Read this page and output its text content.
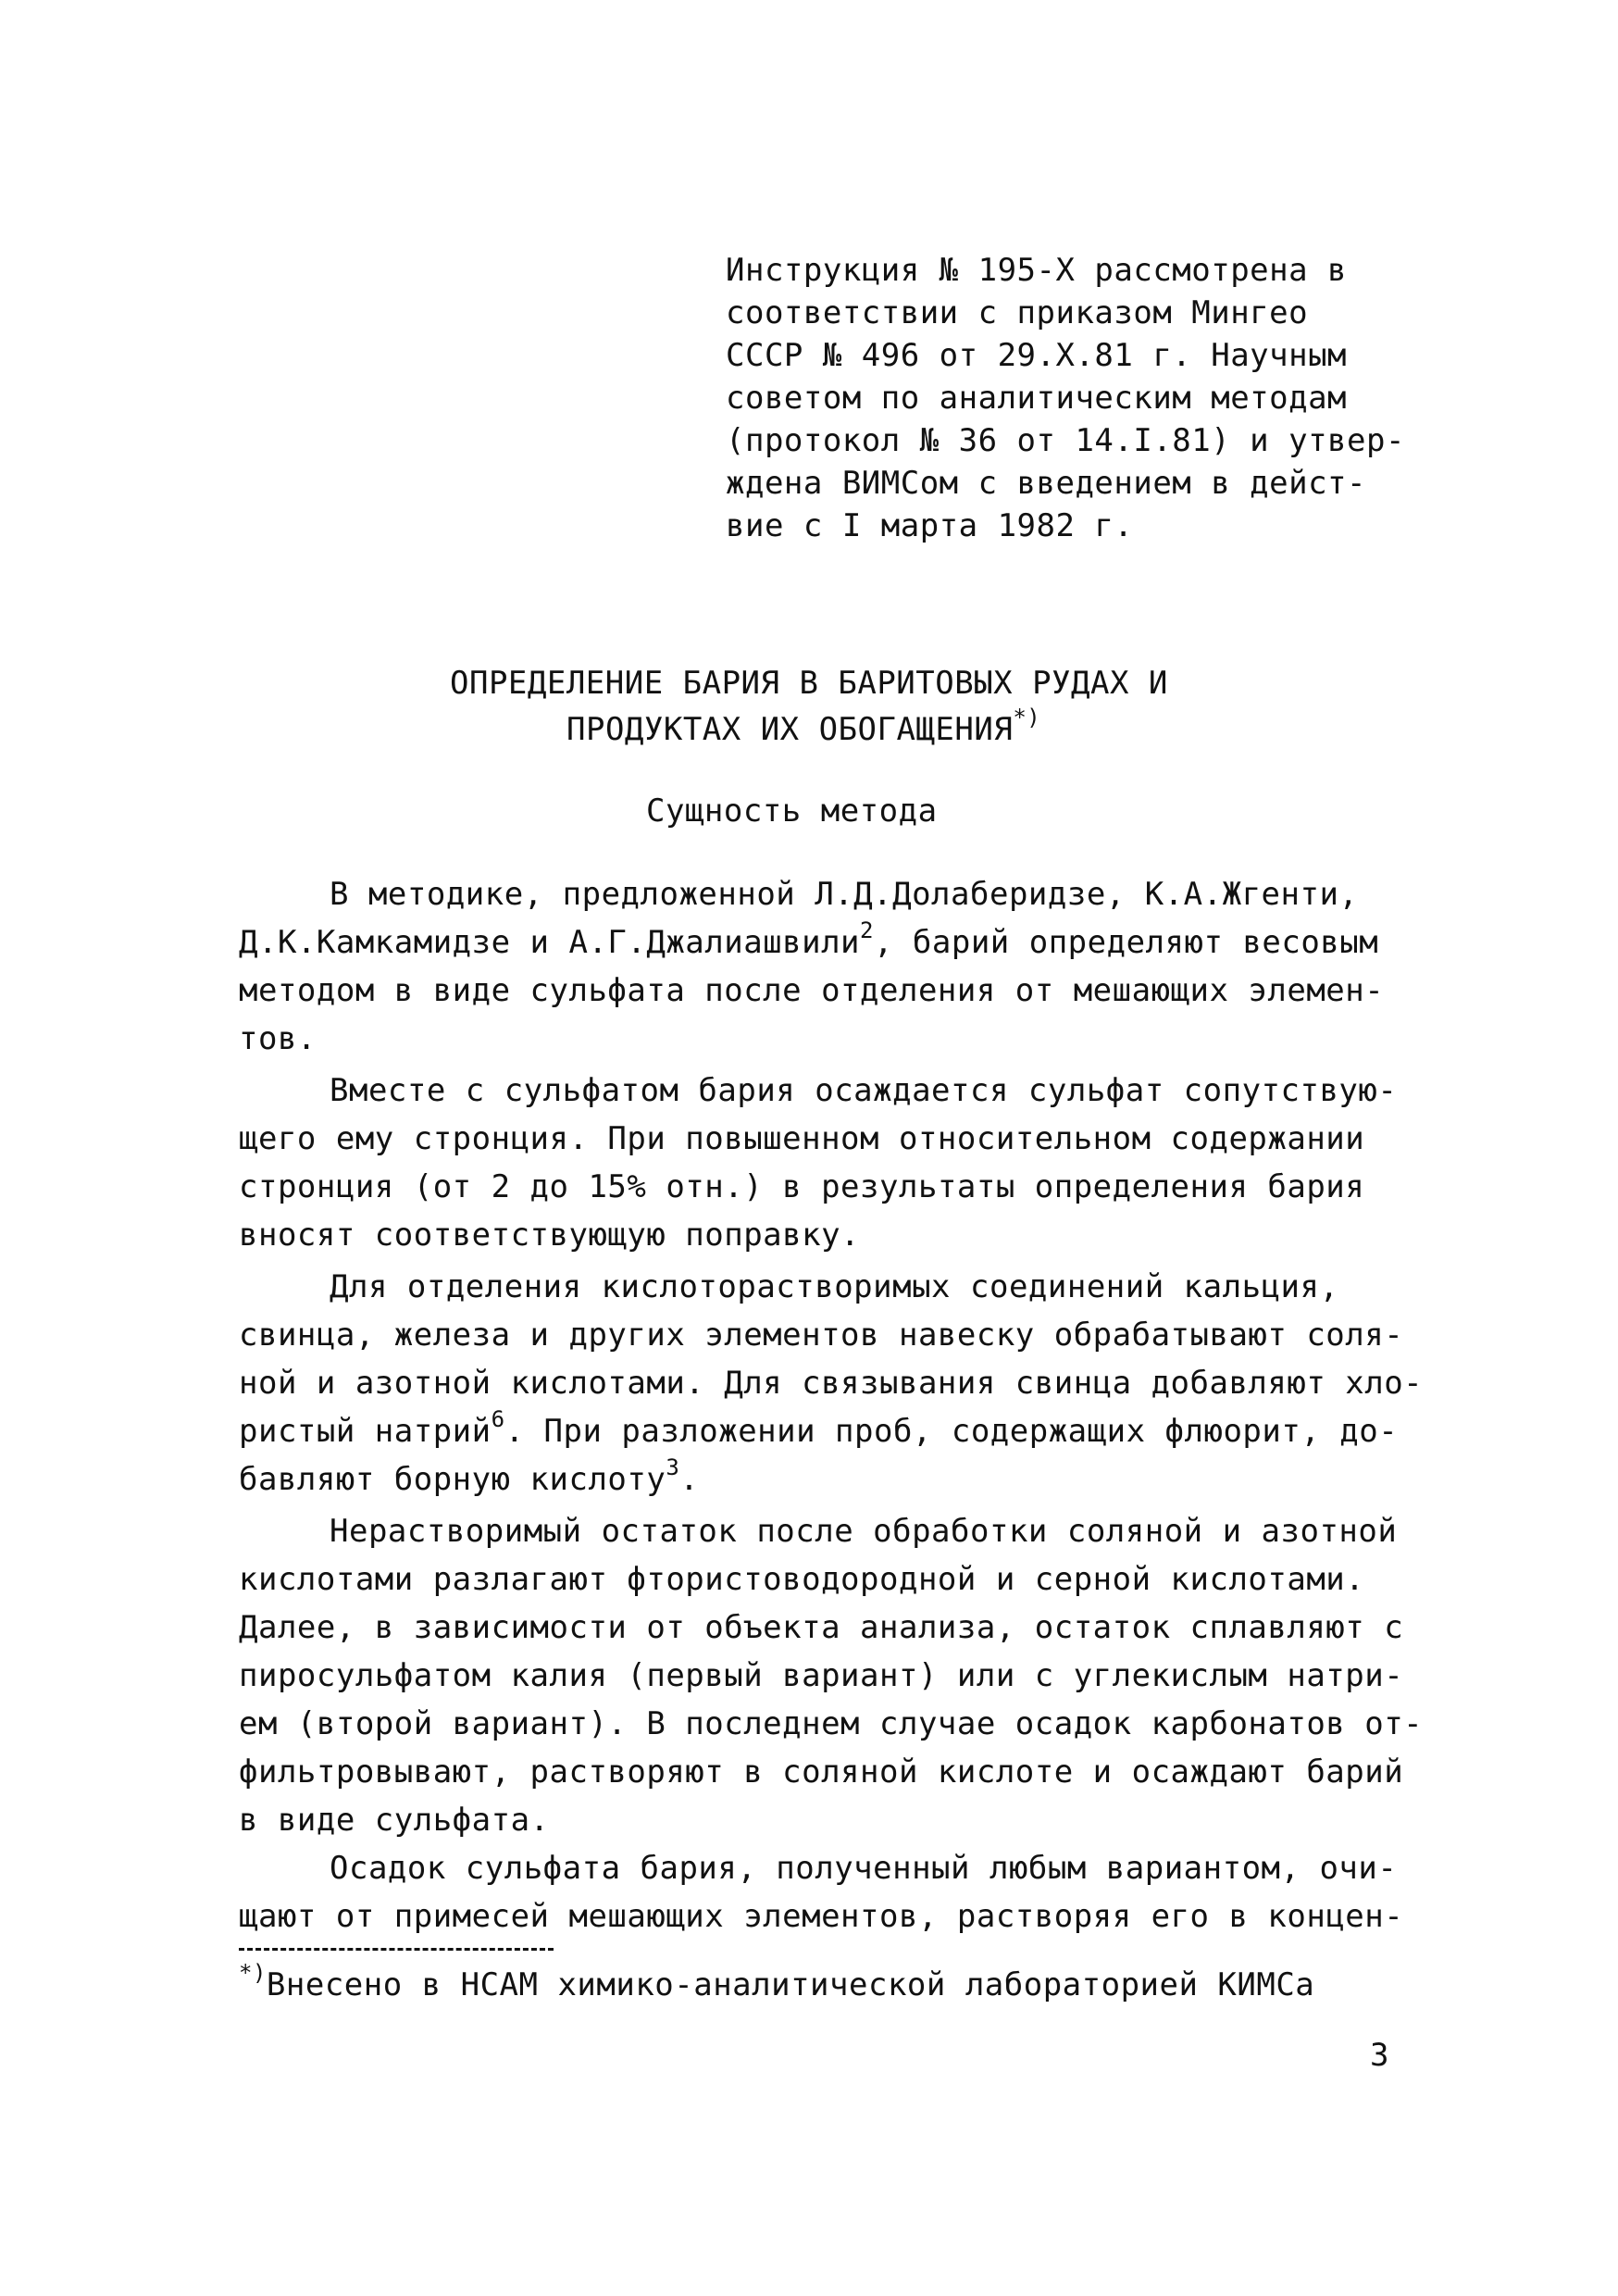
Инструкция № 195-X рассмотрена в
соответствии с приказом Мингео
СССР № 496 от 29.X.81 г. Научным
советом по аналитическим методам
(протокол № 36 от 14.I.81) и утвер-
ждена ВИМСом с введением в дейст-
вие с I марта 1982 г.
ОПРЕДЕЛЕНИЕ БАРИЯ В БАРИТОВЫХ РУДАХ И
ПРОДУКТАХ ИХ ОБОГАЩЕНИЯ*)
Сущность метода
В методике, предложенной Л.Д.Долаберидзе, К.А.Жгенти,
Д.К.Камкамидзе и А.Г.Джалиашвили$^2$, барий определяют весовым
методом в виде сульфата после отделения от мешающих элемен-
тов.
Вместе с сульфатом бария осаждается сульфат сопутствую-
щего ему стронция. При повышенном относительном содержании
стронция (от 2 до 15% отн.) в результаты определения бария
вносят соответствующую поправку.
Для отделения кислоторастворимых соединений кальция,
свинца, железа и других элементов навеску обрабатывают соля-
ной и азотной кислотами. Для связывания свинца добавляют хло-
ристый натрий$^6$. При разложении проб, содержащих флюорит, до-
бавляют борную кислоту$^3$.
Нерастворимый остаток после обработки соляной и азотной
кислотами разлагают фтористоводородной и серной кислотами.
Далее, в зависимости от объекта анализа, остаток сплавляют с
пиросульфатом калия (первый вариант) или с углекислым натри-
ем (второй вариант). В последнем случае осадок карбонатов от-
фильтровывают, растворяют в соляной кислоте и осаждают барий
в виде сульфата.
Осадок сульфата бария, полученный любым вариантом, очи-
щают от примесей мешающих элементов, растворяя его в концен-
*)Внесено в НСАМ химико-аналитической лабораторией КИМСа
3
